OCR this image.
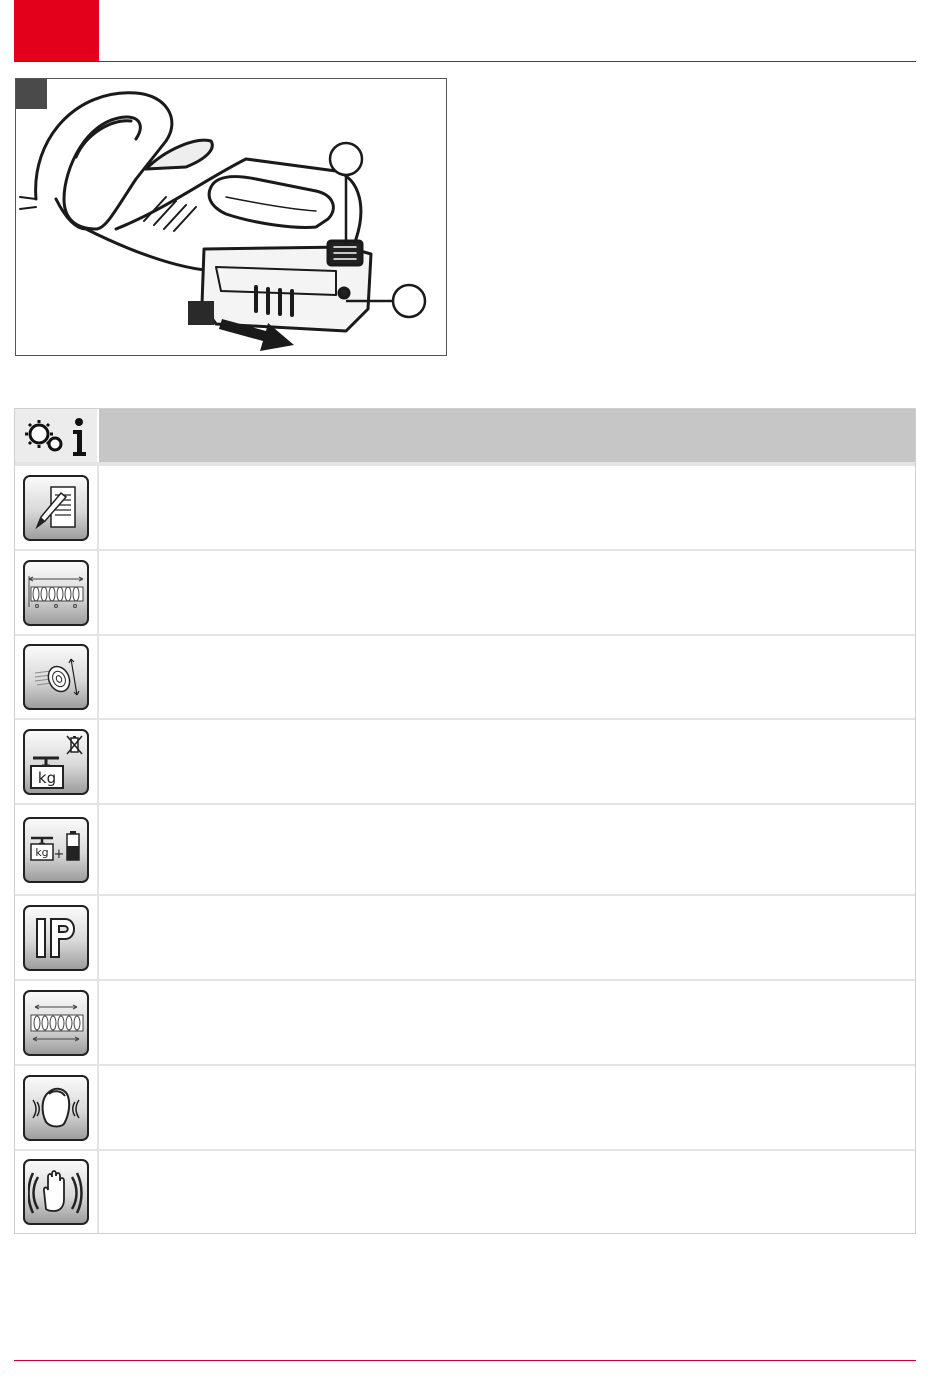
kg
kg +
